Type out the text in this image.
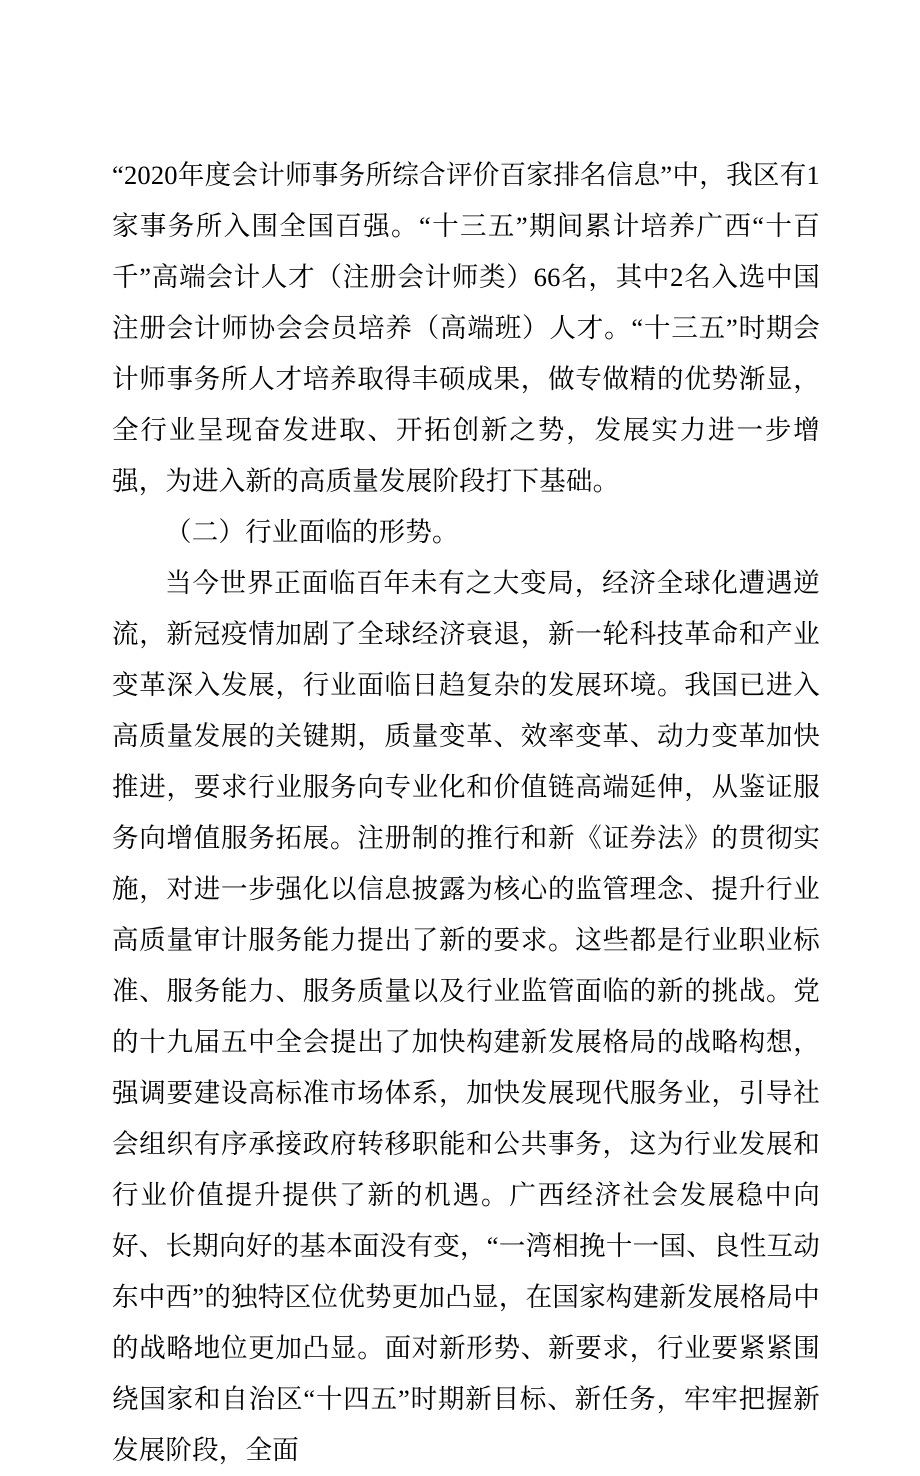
“2020年度会计师事务所综合评价百家排名信息”中，我区有1家事务所入围全国百强。“十三五”期间累计培养广西“十百千”高端会计人才（注册会计师类）66名，其中2名入选中国注册会计师协会会员培养（高端班）人才。“十三五”时期会计师事务所人才培养取得丰硕成果，做专做精的优势渐显，全行业呈现奋发进取、开拓创新之势，发展实力进一步增强，为进入新的高质量发展阶段打下基础。

（二）行业面临的形势。

当今世界正面临百年未有之大变局，经济全球化遭遇逆流，新冠疫情加剧了全球经济衰退，新一轮科技革命和产业变革深入发展，行业面临日趋复杂的发展环境。我国已进入高质量发展的关键期，质量变革、效率变革、动力变革加快推进，要求行业服务向专业化和价值链高端延伸，从鉴证服务向增值服务拓展。注册制的推行和新《证券法》的贯彻实施，对进一步强化以信息披露为核心的监管理念、提升行业高质量审计服务能力提出了新的要求。这些都是行业职业标准、服务能力、服务质量以及行业监管面临的新的挑战。党的十九届五中全会提出了加快构建新发展格局的战略构想，强调要建设高标准市场体系，加快发展现代服务业，引导社会组织有序承接政府转移职能和公共事务，这为行业发展和行业价值提升提供了新的机遇。广西经济社会发展稳中向好、长期向好的基本面没有变，“一湾相挽十一国、良性互动东中西”的独特区位优势更加凸显，在国家构建新发展格局中的战略地位更加凸显。面对新形势、新要求，行业要紧紧围绕国家和自治区“十四五”时期新目标、新任务，牢牢把握新发展阶段，全面
